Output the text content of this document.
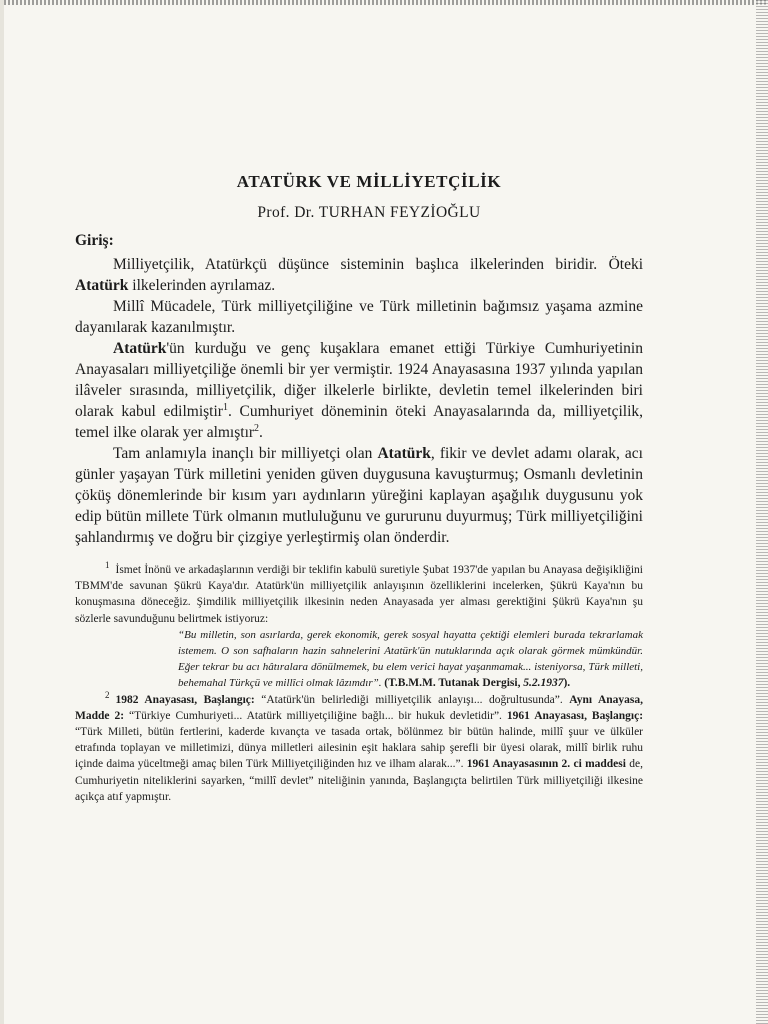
ATATÜRK VE MİLLİYETÇİLİK
Prof. Dr. TURHAN FEYZİOĞLU
Giriş:

Milliyetçilik, Atatürkçü düşünce sisteminin başlıca ilkelerinden biridir. Öteki Atatürk ilkelerinden ayrılamaz.

Millî Mücadele, Türk milliyetçiliğine ve Türk milletinin bağımsız yaşama azmine dayanılarak kazanılmıştır.

Atatürk'ün kurduğu ve genç kuşaklara emanet ettiği Türkiye Cumhuriyetinin Anayasaları milliyetçiliğe önemli bir yer vermiştir. 1924 Anayasasına 1937 yılında yapılan ilâveler sırasında, milliyetçilik, diğer ilkelerle birlikte, devletin temel ilkelerinden biri olarak kabul edilmiştir$^1$. Cumhuriyet döneminin öteki Anayasalarında da, milliyetçilik, temel ilke olarak yer almıştır$^2$.

Tam anlamıyla inançlı bir milliyetçi olan Atatürk, fikir ve devlet adamı olarak, acı günler yaşayan Türk milletini yeniden güven duygusuna kavuşturmuş; Osmanlı devletinin çöküş dönemlerinde bir kısım yarı aydınların yüreğini kaplayan aşağılık duygusunu yok edip bütün millete Türk olmanın mutluluğunu ve gururunu duyurmuş; Türk milliyetçiliğini şahlandırmış ve doğru bir çizgiye yerleştirmiş olan önderdir.

$^1$ İsmet İnönü ve arkadaşlarının verdiği bir teklifin kabulü suretiyle Şubat 1937'de yapılan bu Anayasa değişikliğini TBMM'de savunan Şükrü Kaya'dır. Atatürk'ün milliyetçilik anlayışının özelliklerini incelerken, Şükrü Kaya'nın bu konuşmasına döneceğiz. Şimdilik milliyetçilik ilkesinin neden Anayasada yer alması gerektiğini Şükrü Kaya'nın şu sözlerle savunduğunu belirtmek istiyoruz:

“Bu milletin, son asırlarda, gerek ekonomik, gerek sosyal hayatta çektiği elemleri burada tekrarlamak istemem. O son safhaların hazin sahnelerini Atatürk'ün nutuklarında açık olarak görmek mümkündür. Eğer tekrar bu acı hâtıralara dönülmemek, bu elem verici hayat yaşanmamak... isteniyorsa, Türk milleti, behemahal Türkçü ve millîci olmak lâzımdır”. (T.B.M.M. Tutanak Dergisi, 5.2.1937).

$^2$ 1982 Anayasası, Başlangıç: “Atatürk'ün belirlediği milliyetçilik anlayışı... doğrultusunda”. Aynı Anayasa, Madde 2: “Türkiye Cumhuriyeti... Atatürk milliyetçiliğine bağlı... bir hukuk devletidir”. 1961 Anayasası, Başlangıç: “Türk Milleti, bütün fertlerini, kaderde kıvançta ve tasada ortak, bölünmez bir bütün halinde, millî şuur ve ülküler etrafında toplayan ve milletimizi, dünya milletleri ailesinin eşit haklara sahip şerefli bir üyesi olarak, millî birlik ruhu içinde daima yüceltmeği amaç bilen Türk Milliyetçiliğinden hız ve ilham alarak...”. 1961 Anayasasının 2. ci maddesi de, Cumhuriyetin niteliklerini sayarken, “millî devlet” niteliğinin yanında, Başlangıçta belirtilen Türk milliyetçiliği ilkesine açıkça atıf yapmıştır.
